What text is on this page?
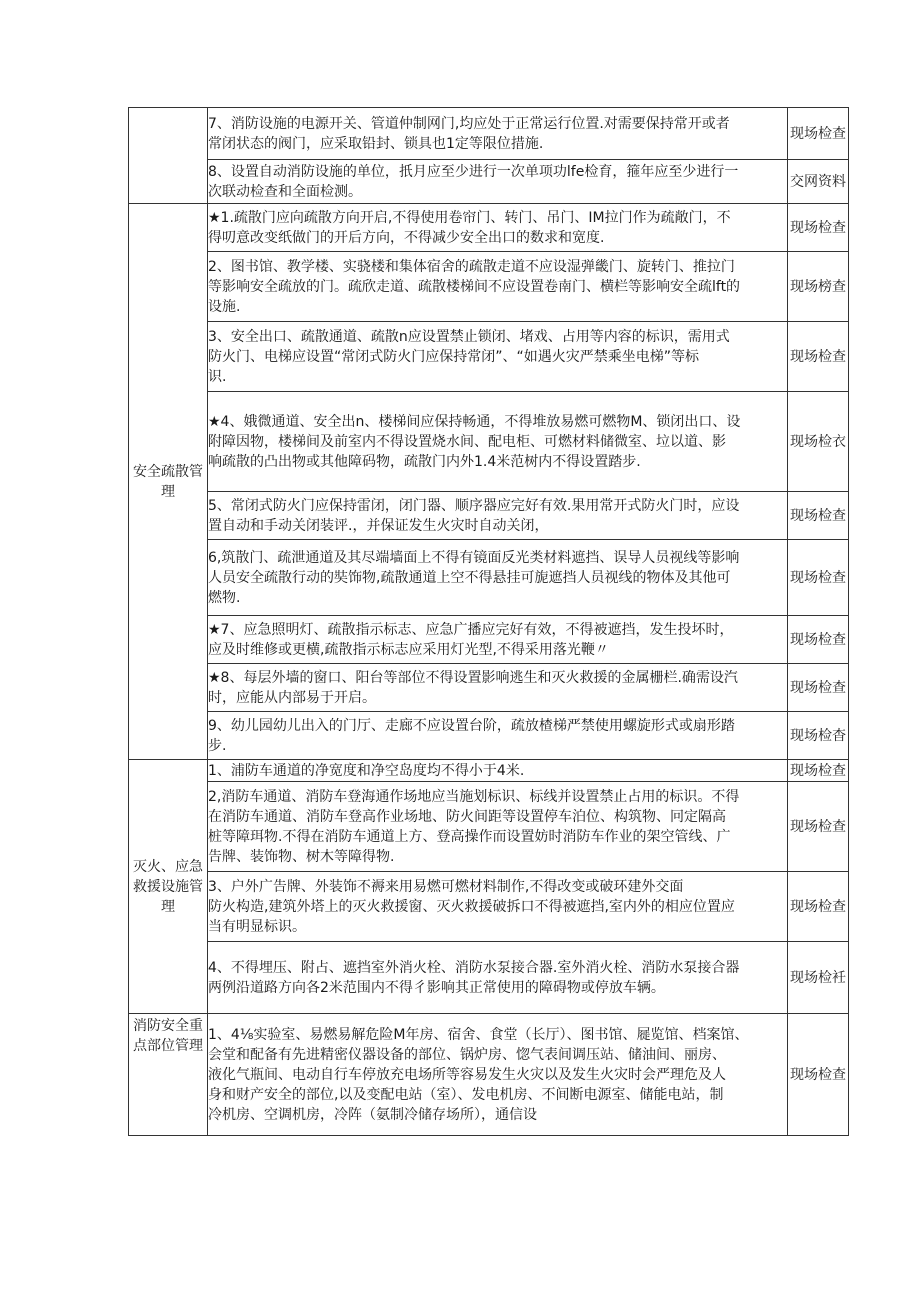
	7、消防设施的电源开关、管道仲制网门,均应处于正常运行位置.对需要保持常开或者
常闭状态的阀门，应采取铅封、锁具也1定等限位措施.	现场检查

	8、设置自动消防设施的单位，扺月应至少进行一次单项功lfe检育，箍年应至少进行一
次联动检查和全面检测。	交网资料
安全疏散管理	★1.疏散门应向疏散方向开启,不得使用卷帘门、转门、吊门、IM拉门作为疏敞门，不
得叨意改变纸做门的开后方向，不得减少安全出口的数求和宽度.	现场检查

	2、图书馆、教学楼、实骁楼和集体宿舍的疏散走道不应设湿弹畿门、旋转门、推拉门
等影响安全疏放的门。疏欣走道、疏散楼梯间不应设置卷南门、横栏等影响安全疏lft的
设施.	现场榜查

	3、安全出口、疏散通道、疏散n应设置禁止锁闭、堵戏、占用等内容的标识，需用式
防火门、电梯应设置“常闭式防火门应保持常闭”、“如遇火灾严禁乘坐电梯”等标
识.	现场检查

	★4、娥微通道、安全出n、楼梯间应保持畅通，不得堆放易燃可燃物M、锁闭出口、设
附障因物，楼梯间及前室内不得设置烧水间、配电柜、可燃材料储微室、垃以道、影
响疏散的凸出物或其他障码物，疏散门内外1.4米范树内不得设置踏步.	现场检衣

	5、常闭式防火门应保持雷闭，闭门器、顺序器应完好有效.果用常开式防火门时，应设
置自动和手动关闭装评.，并保证发生火灾时自动关闭，	现场检查

	6,筑散门、疏泄通道及其尽端墙面上不得有镜面反光类材料遮挡、误导人员视线等影响
人员安全疏散行动的奘饰物,疏散通道上空不得悬挂可旎遮挡人员视线的物体及其他可
燃物.	现场检查

	★7、应急照明灯、疏散指示标志、应急广播应完好有效，不得被遮挡，发生投坏时，
应及时维修或更横,疏散指示标志应采用灯光型,不得采用落光鞭〃	现场检查

	★8、每层外墙的窗口、阳台等部位不得设置影响逃生和灭火救援的金属栅栏.确需设汽
时，应能从内部易于开启。	现场检查

	9、幼儿园幼儿出入的门厅、走廊不应设置台阶，疏放楂梯严禁使用螺旋形式或扇形踏
步.	现场检杳
灭火、应急救援设施管理	1、浦防车通道的净宽度和净空岛度均不得小于4米.	现场检查

	2,消防车通道、消防车登海通作场地应当施划标识、标线并设置禁止占用的标识。不得
在消防车通道、消防车登高作业场地、防火间距等设置停车泊位、构筑物、冋定隔高
桩等障珥物.不得在消防车通道上方、登高操作而设置妨时消防车作业的架空管线、广
告牌、装饰物、树木等障得物.	现场检查

	3、户外广告牌、外装饰不褥来用易燃可燃材料制作,不得改变或破环建外交面
防火构造,建筑外塔上的灭火救援窗、灭火救援破拆口不得被遮挡,室内外的相应位置应
当有明显标识。	现场检查

	4、不得埋压、附占、遮挡室外消火栓、消防水泵接合器.室外消火栓、消防水泵接合器
两例沿道路方向各2米范围内不得彳影响其正常使用的障碍物或停放车辆。	现场检衽
消防安全重点部位管理	1、4⅛实验室、易燃易解危险M年房、宿舍、食堂（长厅）、图书馆、屣览馆、档案馆、
会堂和配备有先进精密仪器设备的部位、锅炉房、惚气表间调压站、储油间、丽房、
液化气瓶间、电动自行车停放充电场所等容易发生火灾以及发生火灾时会严理危及人
身和财产安全的部位,以及变配电站（室）、发电机房、不间断电源室、储能电站，制
冷机房、空调机房，冷阵（氨制冷储存场所），通信设	现场检查
